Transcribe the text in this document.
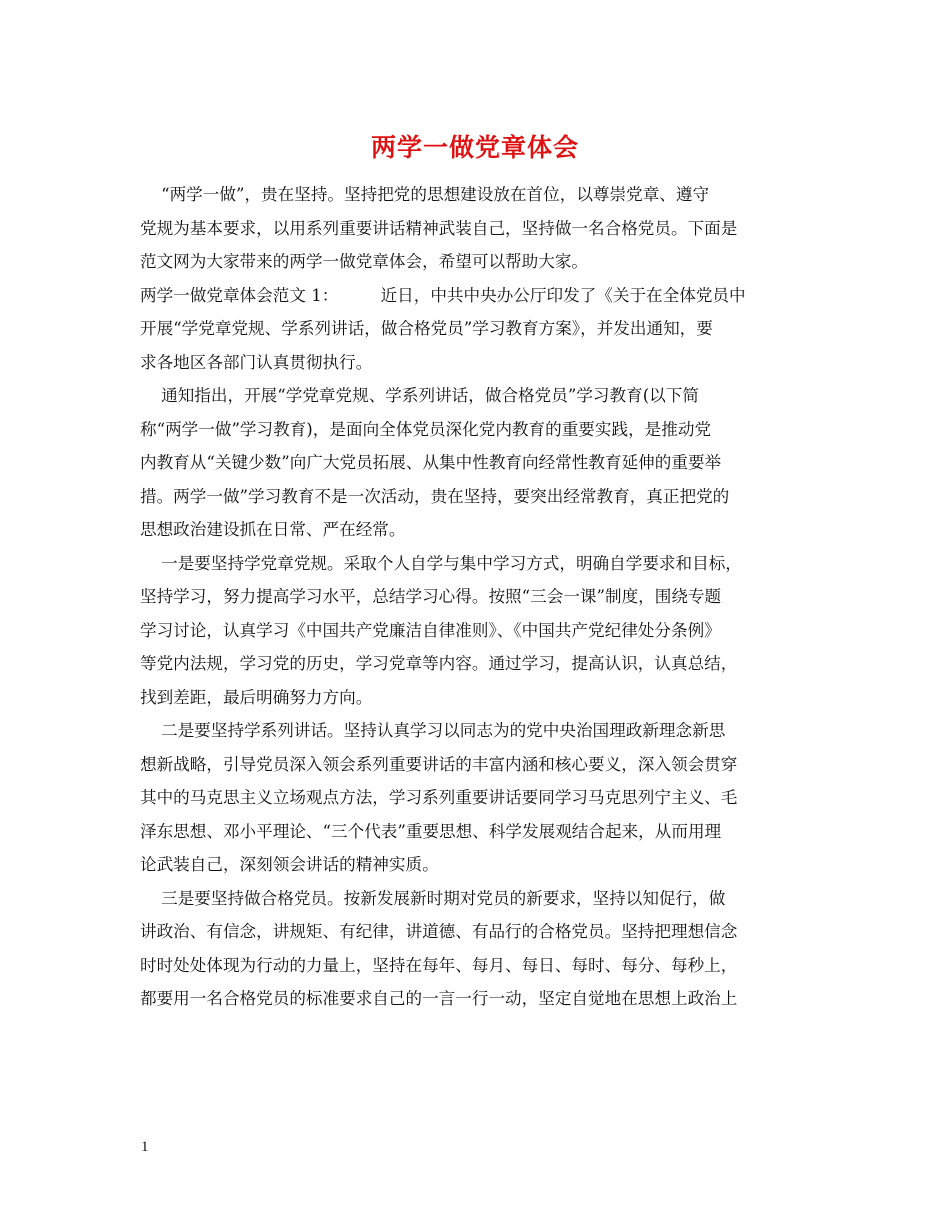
两学一做党章体会
“两学一做”，贵在坚持。坚持把党的思想建设放在首位，以尊崇党章、遵守
党规为基本要求，以用系列重要讲话精神武装自己，坚持做一名合格党员。下面是
范文网为大家带来的两学一做党章体会，希望可以帮助大家。
两学一做党章体会范文 1：        近日，中共中央办公厅印发了《关于在全体党员中
开展“学党章党规、学系列讲话，做合格党员”学习教育方案》，并发出通知，要
求各地区各部门认真贯彻执行。
通知指出，开展“学党章党规、学系列讲话，做合格党员”学习教育(以下简
称“两学一做”学习教育)，是面向全体党员深化党内教育的重要实践，是推动党
内教育从“关键少数”向广大党员拓展、从集中性教育向经常性教育延伸的重要举
措。两学一做”学习教育不是一次活动，贵在坚持，要突出经常教育，真正把党的
思想政治建设抓在日常、严在经常。
一是要坚持学党章党规。采取个人自学与集中学习方式，明确自学要求和目标，
坚持学习，努力提高学习水平，总结学习心得。按照“三会一课”制度，围绕专题
学习讨论，认真学习《中国共产党廉洁自律准则》、《中国共产党纪律处分条例》
等党内法规，学习党的历史，学习党章等内容。通过学习，提高认识，认真总结，
找到差距，最后明确努力方向。
二是要坚持学系列讲话。坚持认真学习以同志为的党中央治国理政新理念新思
想新战略，引导党员深入领会系列重要讲话的丰富内涵和核心要义，深入领会贯穿
其中的马克思主义立场观点方法，学习系列重要讲话要同学习马克思列宁主义、毛
泽东思想、邓小平理论、“三个代表”重要思想、科学发展观结合起来，从而用理
论武装自己，深刻领会讲话的精神实质。
三是要坚持做合格党员。按新发展新时期对党员的新要求，坚持以知促行，做
讲政治、有信念，讲规矩、有纪律，讲道德、有品行的合格党员。坚持把理想信念
时时处处体现为行动的力量上，坚持在每年、每月、每日、每时、每分、每秒上，
都要用一名合格党员的标准要求自己的一言一行一动，坚定自觉地在思想上政治上
1
